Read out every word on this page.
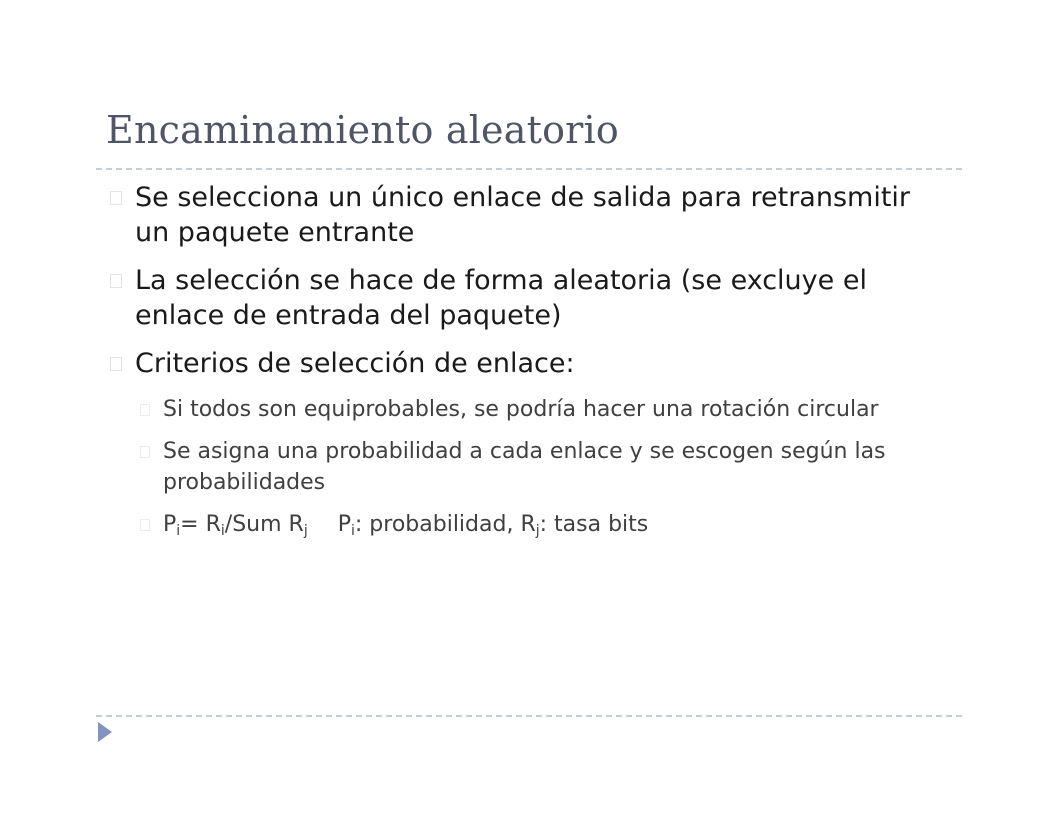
Encaminamiento aleatorio
Se selecciona un único enlace de salida para retransmitir un paquete entrante
La selección se hace de forma aleatoria (se excluye el enlace de entrada del paquete)
Criterios de selección de enlace:
Si todos son equiprobables, se podría hacer una rotación circular
Se asigna una probabilidad a cada enlace y se escogen según las probabilidades
$P_i= R_i/Sum$ $R_j$ $P_i$: probabilidad, $R_j$: tasa bits
